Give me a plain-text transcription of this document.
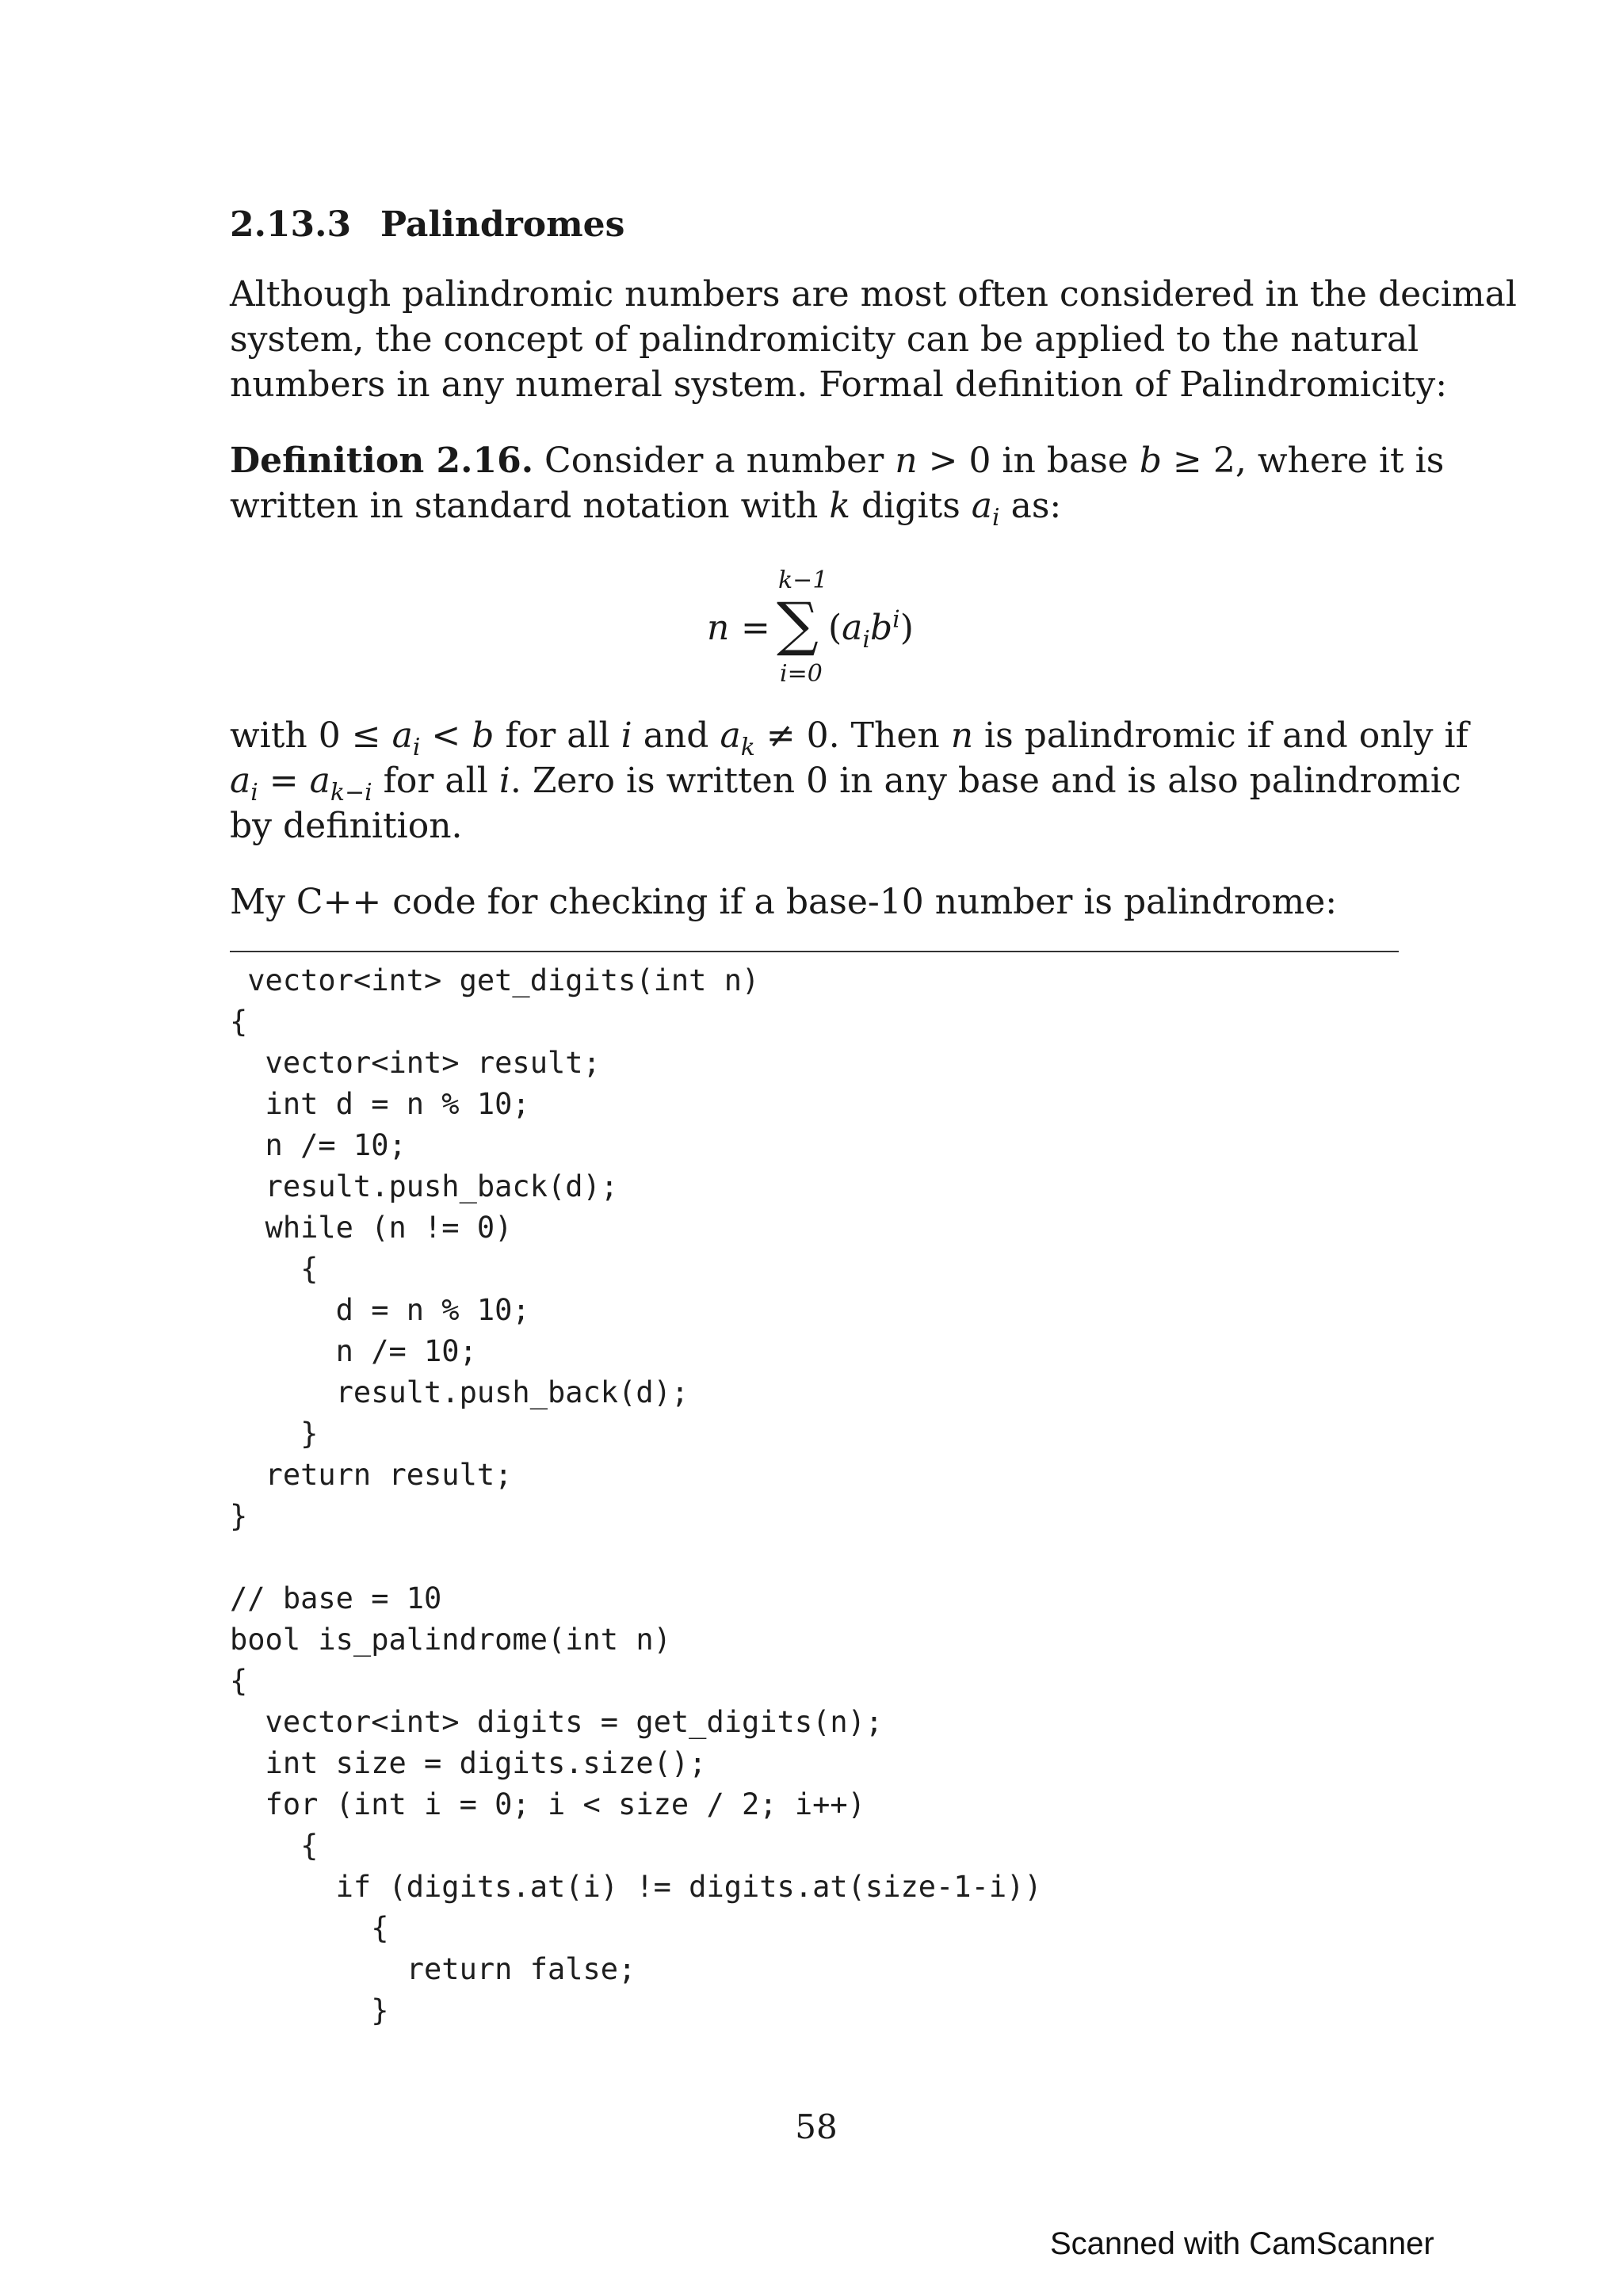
2.13.3 Palindromes

Although palindromic numbers are most often considered in the decimal
system, the concept of palindromicity can be applied to the natural
numbers in any numeral system. Formal definition of Palindromicity:

Definition 2.16. Consider a number n > 0 in base b ≥ 2, where it is
written in standard notation with k digits $a_i$ as:

n =
k−1
∑
i=0
$(a_ib^i)$

with $0 \le a_i < b$ for all i and $a_k \ne 0$. Then n is palindromic if and only if
$a_i = a_{k-i}$ for all i. Zero is written 0 in any base and is also palindromic
by definition.

My C++ code for checking if a base-10 number is palindrome:

vector<int> get_digits(int n)
{
vector<int> result;
int d = n % 10;
n /= 10;
result.push_back(d);
while (n != 0)
{
d = n % 10;
n /= 10;
result.push_back(d);
}
return result;
}
// base = 10
bool is_palindrome(int n)
{
vector<int> digits = get_digits(n);
int size = digits.size();
for (int i = 0; i < size / 2; i++)
{
if (digits.at(i) != digits.at(size-1-i))
{
return false;
}
58
Scanned with CamScanner
